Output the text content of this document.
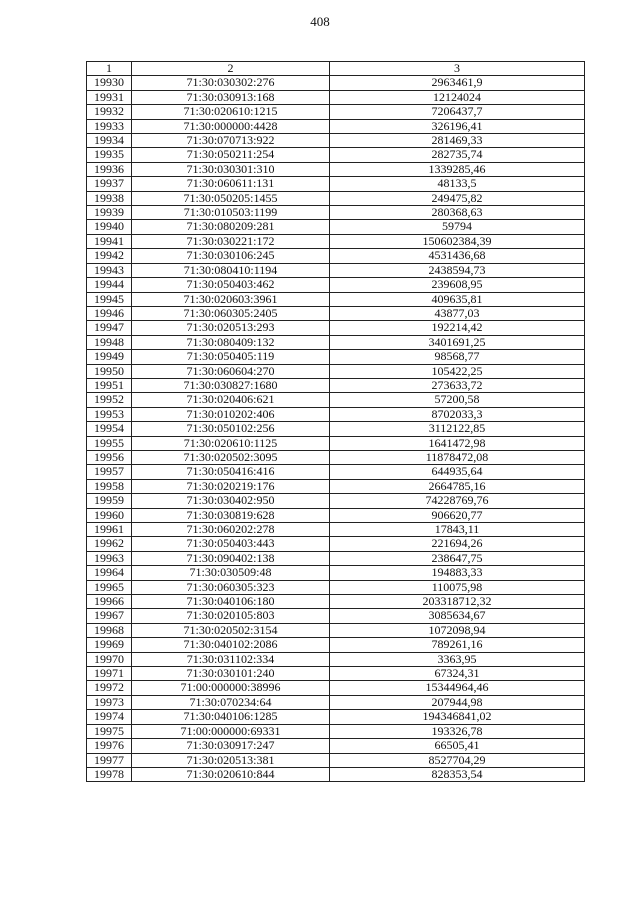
408
1	2	3
19930	71:30:030302:276	2963461,9
19931	71:30:030913:168	12124024
19932	71:30:020610:1215	7206437,7
19933	71:30:000000:4428	326196,41
19934	71:30:070713:922	281469,33
19935	71:30:050211:254	282735,74
19936	71:30:030301:310	1339285,46
19937	71:30:060611:131	48133,5
19938	71:30:050205:1455	249475,82
19939	71:30:010503:1199	280368,63
19940	71:30:080209:281	59794
19941	71:30:030221:172	150602384,39
19942	71:30:030106:245	4531436,68
19943	71:30:080410:1194	2438594,73
19944	71:30:050403:462	239608,95
19945	71:30:020603:3961	409635,81
19946	71:30:060305:2405	43877,03
19947	71:30:020513:293	192214,42
19948	71:30:080409:132	3401691,25
19949	71:30:050405:119	98568,77
19950	71:30:060604:270	105422,25
19951	71:30:030827:1680	273633,72
19952	71:30:020406:621	57200,58
19953	71:30:010202:406	8702033,3
19954	71:30:050102:256	3112122,85
19955	71:30:020610:1125	1641472,98
19956	71:30:020502:3095	11878472,08
19957	71:30:050416:416	644935,64
19958	71:30:020219:176	2664785,16
19959	71:30:030402:950	74228769,76
19960	71:30:030819:628	906620,77
19961	71:30:060202:278	17843,11
19962	71:30:050403:443	221694,26
19963	71:30:090402:138	238647,75
19964	71:30:030509:48	194883,33
19965	71:30:060305:323	110075,98
19966	71:30:040106:180	203318712,32
19967	71:30:020105:803	3085634,67
19968	71:30:020502:3154	1072098,94
19969	71:30:040102:2086	789261,16
19970	71:30:031102:334	3363,95
19971	71:30:030101:240	67324,31
19972	71:00:000000:38996	15344964,46
19973	71:30:070234:64	207944,98
19974	71:30:040106:1285	194346841,02
19975	71:00:000000:69331	193326,78
19976	71:30:030917:247	66505,41
19977	71:30:020513:381	8527704,29
19978	71:30:020610:844	828353,54
